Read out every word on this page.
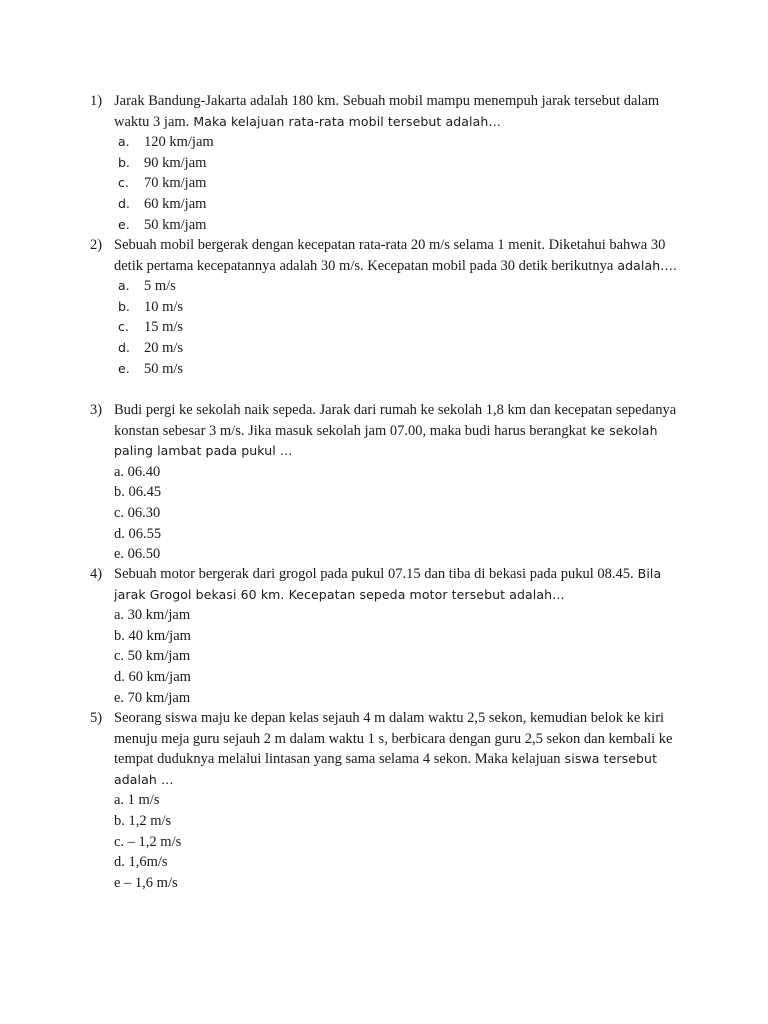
1) Jarak Bandung-Jakarta adalah 180 km. Sebuah mobil mampu menempuh jarak tersebut dalam waktu 3 jam. Maka kelajuan rata-rata mobil tersebut adalah…
a. 120 km/jam
b. 90 km/jam
c. 70 km/jam
d. 60 km/jam
e. 50 km/jam
2) Sebuah mobil bergerak dengan kecepatan rata-rata 20 m/s selama 1 menit. Diketahui bahwa 30 detik pertama kecepatannya adalah 30 m/s. Kecepatan mobil pada 30 detik berikutnya adalah….
a. 5 m/s
b. 10 m/s
c. 15 m/s
d. 20 m/s
e. 50 m/s
3) Budi pergi ke sekolah naik sepeda. Jarak dari rumah ke sekolah 1,8 km dan kecepatan sepedanya konstan sebesar 3 m/s. Jika masuk sekolah jam 07.00, maka budi harus berangkat ke sekolah paling lambat pada pukul …
a. 06.40
b. 06.45
c. 06.30
d. 06.55
e. 06.50
4) Sebuah motor bergerak dari grogol pada pukul 07.15 dan tiba di bekasi pada pukul 08.45. Bila jarak Grogol bekasi 60 km. Kecepatan sepeda motor tersebut adalah…
a. 30 km/jam
b. 40 km/jam
c. 50 km/jam
d. 60 km/jam
e. 70 km/jam
5) Seorang siswa maju ke depan kelas sejauh 4 m dalam waktu 2,5 sekon, kemudian belok ke kiri menuju meja guru sejauh 2 m dalam waktu 1 s, berbicara dengan guru 2,5 sekon dan kembali ke tempat duduknya melalui lintasan yang sama selama 4 sekon. Maka kelajuan siswa tersebut adalah …
a. 1 m/s
b. 1,2 m/s
c. – 1,2 m/s
d. 1,6m/s
e – 1,6 m/s
